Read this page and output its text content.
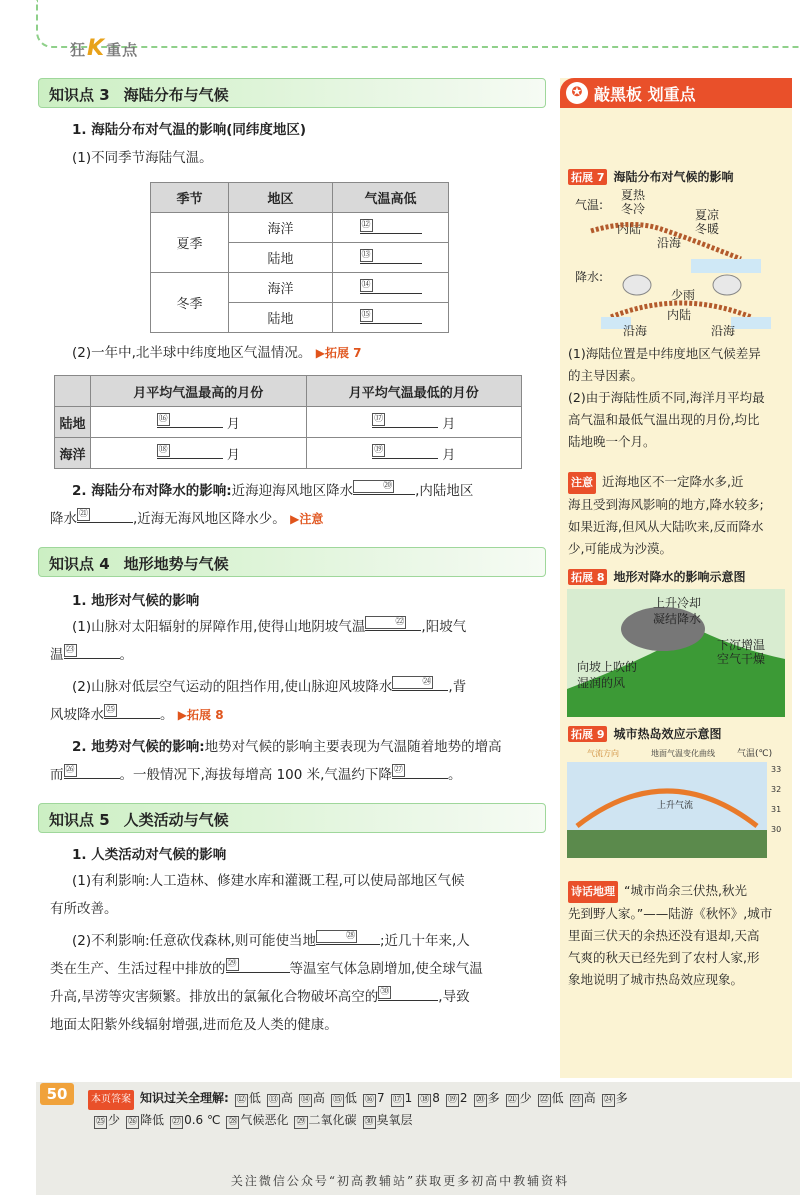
狂K重点
知识点 3 海陆分布与气候
1. 海陆分布对气温的影响(同纬度地区)
(1)不同季节海陆气温。
季节	地区	气温高低
夏季	海洋	⑫

	陆地	⑬

冬季	海洋	⑭

	陆地	⑮
(2)一年中,北半球中纬度地区气温情况。 ▶拓展 7
	月平均气温最高的月份	月平均气温最低的月份
陆地	⑯ 月	⑰ 月
海洋	⑱ 月	⑲ 月
2. 海陆分布对降水的影响:近海迎海风地区降水	⑳ ,内陆地区
降水 ㉑	,近海无海风地区降水少。 ▶注意
知识点 4 地形地势与气候
1. 地形对气候的影响
(1)山脉对太阳辐射的屏障作用,使得山地阴坡气温	㉒ ,阳坡气
温 ㉓	。
(2)山脉对低层空气运动的阻挡作用,使山脉迎风坡降水	㉔ ,背
风坡降水 ㉕	。 ▶拓展 8
2. 地势对气候的影响:地势对气候的影响主要表现为气温随着地势的增高
而 ㉖	。一般情况下,海拔每增高 100 米,气温约下降 ㉗	。
知识点 5 人类活动与气候
1. 人类活动对气候的影响
(1)有利影响:人工造林、修建水库和灌溉工程,可以使局部地区气候
有所改善。
(2)不利影响:任意砍伐森林,则可能使当地	㉘ ;近几十年来,人
类在生产、生活过程中排放的 ㉙	等温室气体急剧增加,使全球气温
升高,旱涝等灾害频繁。排放出的氯氟化合物破坏高空的 ㉚	,导致
地面太阳紫外线辐射增强,进而危及人类的健康。
✪ 敲黑板 划重点
拓展 7 海陆分布对气候的影响
气温:
夏热
冬冷
内陆
沿海
夏凉
冬暖
降水:
少雨
内陆
沿海	沿海
(1)海陆位置是中纬度地区气候差异
的主导因素。
(2)由于海陆性质不同,海洋月平均最
高气温和最低气温出现的月份,均比
陆地晚一个月。
注意 近海地区不一定降水多,近
海且受到海风影响的地方,降水较多;
如果近海,但风从大陆吹来,反而降水
少,可能成为沙漠。
拓展 8 地形对降水的影响示意图
上升冷却
凝结降水
下沉增温
空气干燥
向坡上吹的
湿润的风
拓展 9 城市热岛效应示意图
气流方向	地面气温变化曲线 气温(℃)
上升气流
33
32
31
30
诗话地理 “城市尚余三伏热,秋光
先到野人家。”——陆游《秋怀》,城市
里面三伏天的余热还没有退却,天高
气爽的秋天已经先到了农村人家,形
象地说明了城市热岛效应现象。
50	本页答案 知识过关全理解: ⑫ 低 ⑬ 高 ⑭ 高 ⑮ 低 ⑯ 7 ⑰ 1 ⑱ 8 ⑲ 2 ⑳ 多 ㉑ 少 ㉒ 低 ㉓ 高 ㉔ 多
㉕ 少 ㉖ 降低 ㉗ 0.6 ℃ ㉘ 气候恶化 ㉙ 二氧化碳 ㉚ 臭氧层
关注微信公众号“初高教辅站”获取更多初高中教辅资料
